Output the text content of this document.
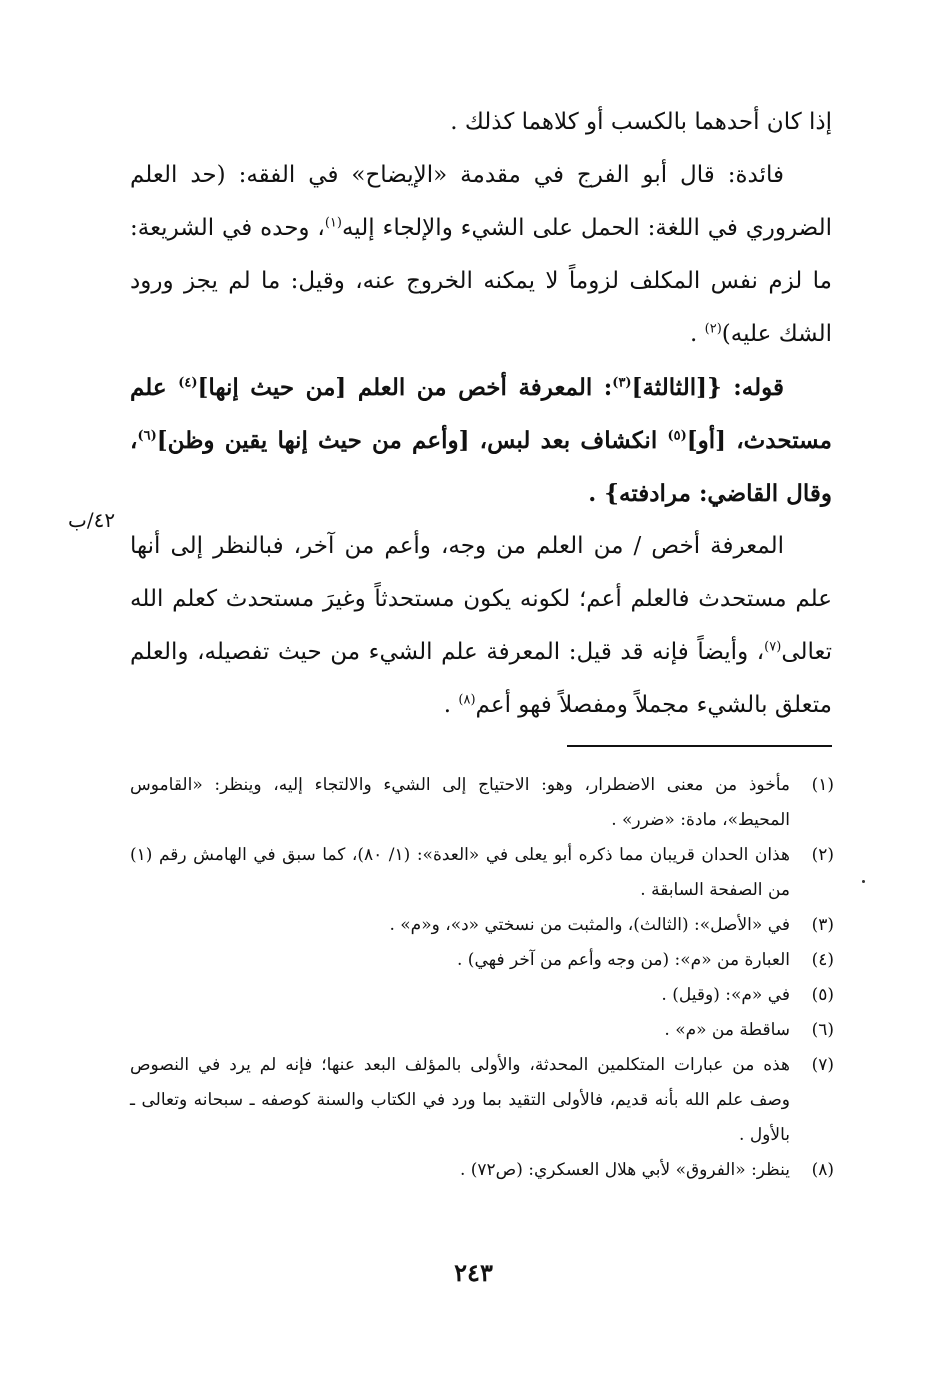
إذا كان أحدهما بالكسب أو كلاهما كذلك .

فائدة: قال أبو الفرج في مقدمة «الإيضاح» في الفقه: (حد العلم الضروري في اللغة: الحمل على الشيء والإلجاء إليه$^{(١)}$، وحده في الشريعة: ما لزم نفس المكلف لزوماً لا يمكنه الخروج عنه، وقيل: ما لم يجز ورود الشك عليه)$^{(٢)}$ .

قوله: {[الثالثة]$^{(٣)}$: المعرفة أخص من العلم [من حيث إنها]$^{(٤)}$ علم مستحدث، [أو]$^{(٥)}$ انكشاف بعد لبس، [وأعم من حيث إنها يقين وظن]$^{(٦)}$، وقال القاضي: مرادفته} .

المعرفة أخص / من العلم من وجه، وأعم من آخر، فبالنظر إلى أنها علم مستحدث فالعلم أعم؛ لكونه يكون مستحدثاً وغيرَ مستحدث كعلم الله تعالى$^{(٧)}$، وأيضاً فإنه قد قيل: المعرفة علم الشيء من حيث تفصيله، والعلم متعلق بالشيء مجملاً ومفصلاً فهو أعم$^{(٨)}$ .

٤٢/ب
(١)
مأخوذ من معنى الاضطرار، وهو: الاحتياج إلى الشيء والالتجاء إليه، وينظر: «القاموس المحيط»، مادة: «ضرر» .
(٢)
هذان الحدان قريبان مما ذكره أبو يعلى في «العدة»: (١/ ٨٠)، كما سبق في الهامش رقم (١) من الصفحة السابقة .
(٣)
في «الأصل»: (الثالث)، والمثبت من نسختي «د»، و«م» .
(٤)
العبارة من «م»: (من وجه وأعم من آخر فهي) .
(٥)
في «م»: (وقيل) .
(٦)
ساقطة من «م» .
(٧)
هذه من عبارات المتكلمين المحدثة، والأولى بالمؤلف البعد عنها؛ فإنه لم يرد في النصوص وصف علم الله بأنه قديم، فالأولى التقيد بما ورد في الكتاب والسنة كوصفه ـ سبحانه وتعالى ـ بالأول .
(٨)
ينظر: «الفروق» لأبي هلال العسكري: (ص٧٢) .
٢٤٣
